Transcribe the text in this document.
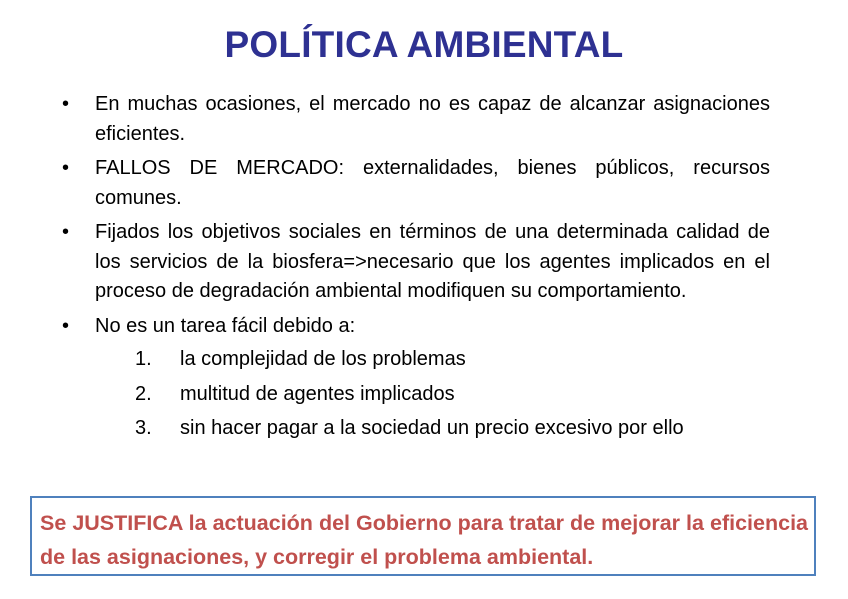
POLÍTICA AMBIENTAL
• En muchas ocasiones, el mercado no es capaz de alcanzar asignaciones eficientes.
• FALLOS DE MERCADO: externalidades, bienes públicos, recursos comunes.
• Fijados los objetivos sociales en términos de una determinada calidad de los servicios de la biosfera=>necesario que los agentes implicados en el proceso de degradación ambiental modifiquen su comportamiento.
• No es un tarea fácil debido a:
1. la complejidad de los problemas
2. multitud de agentes implicados
3. sin hacer pagar a la sociedad un precio excesivo por ello
Se JUSTIFICA la actuación del Gobierno para tratar de mejorar la eficiencia de las asignaciones, y corregir el problema ambiental.
